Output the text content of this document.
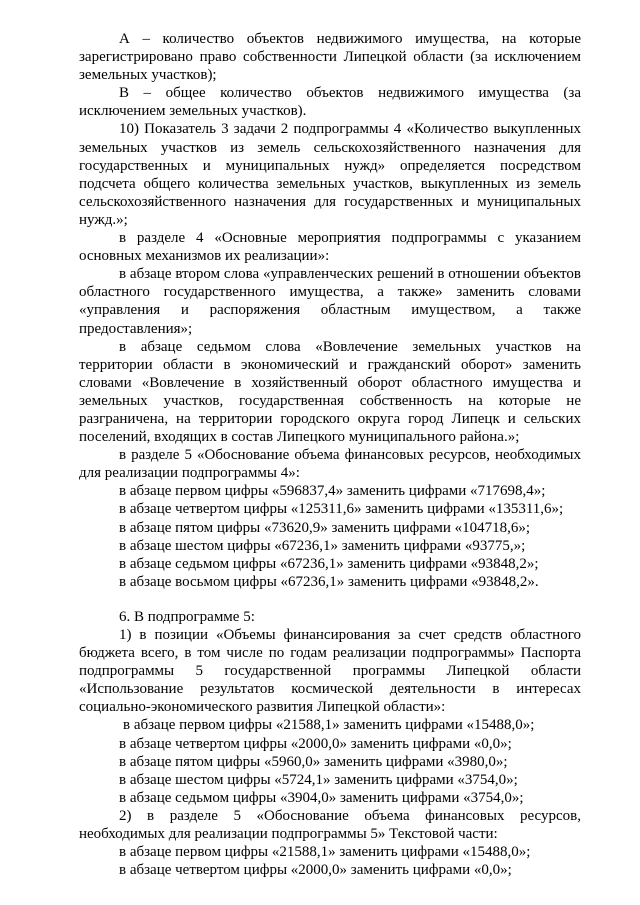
А – количество объектов недвижимого имущества, на которые зарегистрировано право собственности Липецкой области (за исключением земельных участков);

В – общее количество объектов недвижимого имущества (за исключением земельных участков).

10) Показатель 3 задачи 2 подпрограммы 4 «Количество выкупленных земельных участков из земель сельскохозяйственного назначения для государственных и муниципальных нужд» определяется посредством подсчета общего количества земельных участков, выкупленных из земель сельскохозяйственного назначения для государственных и муниципальных нужд.»;

в разделе 4 «Основные мероприятия подпрограммы с указанием основных механизмов их реализации»:

в абзаце втором слова «управленческих решений в отношении объектов областного государственного имущества, а также» заменить словами «управления и распоряжения областным имуществом, а также предоставления»;

в абзаце седьмом слова «Вовлечение земельных участков на территории области в экономический и гражданский оборот» заменить словами «Вовлечение в хозяйственный оборот областного имущества и земельных участков, государственная собственность на которые не разграничена, на территории городского округа город Липецк и сельских поселений, входящих в состав Липецкого муниципального района.»;

в разделе 5 «Обоснование объема финансовых ресурсов, необходимых для реализации подпрограммы 4»:

в абзаце первом цифры «596837,4» заменить цифрами «717698,4»;

в абзаце четвертом цифры «125311,6» заменить цифрами «135311,6»;

в абзаце пятом цифры «73620,9» заменить цифрами «104718,6»;

в абзаце шестом цифры «67236,1» заменить цифрами «93775,»;

в абзаце седьмом цифры «67236,1» заменить цифрами «93848,2»;

в абзаце восьмом цифры «67236,1» заменить цифрами «93848,2».

6. В подпрограмме 5:

1) в позиции «Объемы финансирования за счет средств областного бюджета всего, в том числе по годам реализации подпрограммы» Паспорта подпрограммы 5 государственной программы Липецкой области «Использование результатов космической деятельности в интересах социально-экономического развития Липецкой области»:

в абзаце первом цифры «21588,1» заменить цифрами «15488,0»;

в абзаце четвертом цифры «2000,0» заменить цифрами «0,0»;

в абзаце пятом цифры «5960,0» заменить цифрами «3980,0»;

в абзаце шестом цифры «5724,1» заменить цифрами «3754,0»;

в абзаце седьмом цифры «3904,0» заменить цифрами «3754,0»;

2) в разделе 5 «Обоснование объема финансовых ресурсов, необходимых для реализации подпрограммы 5» Текстовой части:

в абзаце первом цифры «21588,1» заменить цифрами «15488,0»;

в абзаце четвертом цифры «2000,0» заменить цифрами «0,0»;
